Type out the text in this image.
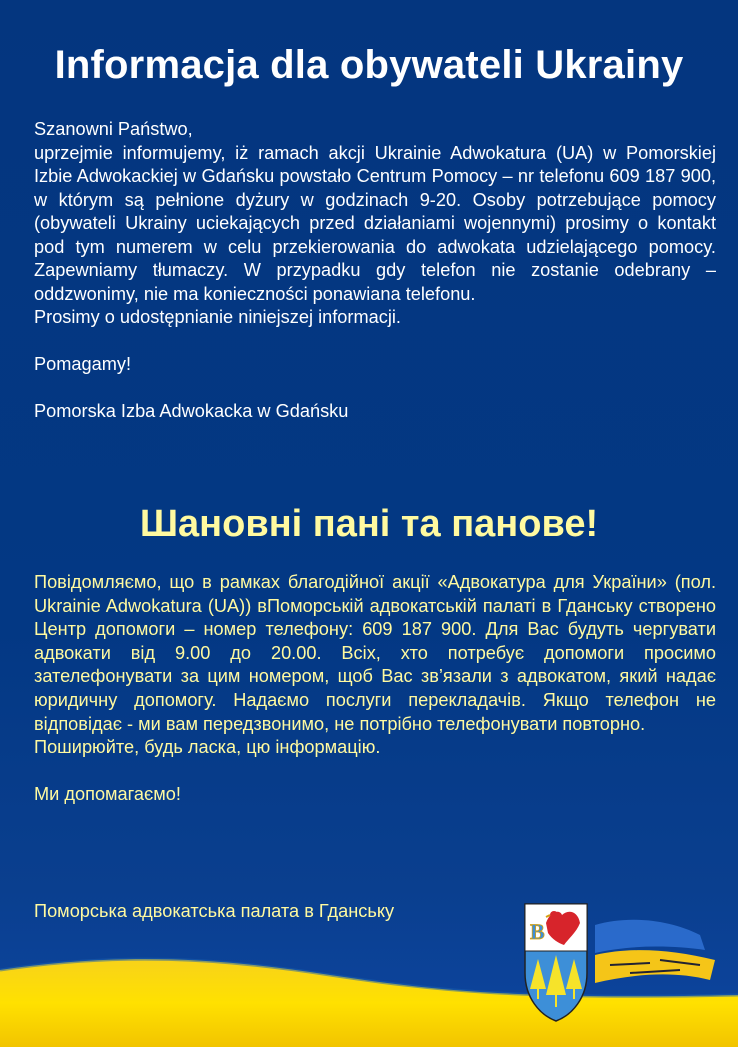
Informacja dla obywateli Ukrainy

Szanowni Państwo,

uprzejmie informujemy, iż ramach akcji Ukrainie Adwokatura (UA) w Pomorskiej Izbie Adwokackiej w Gdańsku powstało Centrum Pomocy – nr telefonu 609 187 900, w którym są pełnione dyżury w godzinach 9-20. Osoby potrzebujące pomocy (obywateli Ukrainy uciekających przed działaniami wojennymi) prosimy o kontakt pod tym numerem w celu przekierowania do adwokata udzielającego pomocy. Zapewniamy tłumaczy. W przypadku gdy telefon nie zostanie odebrany – oddzwonimy, nie ma konieczności ponawiana telefonu.

Prosimy o udostępnianie niniejszej informacji.

Pomagamy!

Pomorska Izba Adwokacka w Gdańsku

Шановні пані та панове!

Повідомляємо, що в рамках благодійної акції «Адвокатура для України» (пол. Ukrainie Adwokatura (UA)) вПоморській адвокатській палаті в Гданську створено Центр допомоги – номер телефону: 609 187 900. Для Вас будуть чергувати адвокати від 9.00 до 20.00. Всіх, хто потребує допомоги просимо зателефонувати за цим номером, щоб Вас зв’язали з адвокатом, який надає юридичну допомогу. Надаємо послуги перекладачів. Якщо телефон не відповідає - ми вам передзвонимо, не потрібно телефонувати повторно.

Поширюйте, будь ласка, цю інформацію.

Ми допомагаємо!

Поморська адвокатська палата в Гданську
B
